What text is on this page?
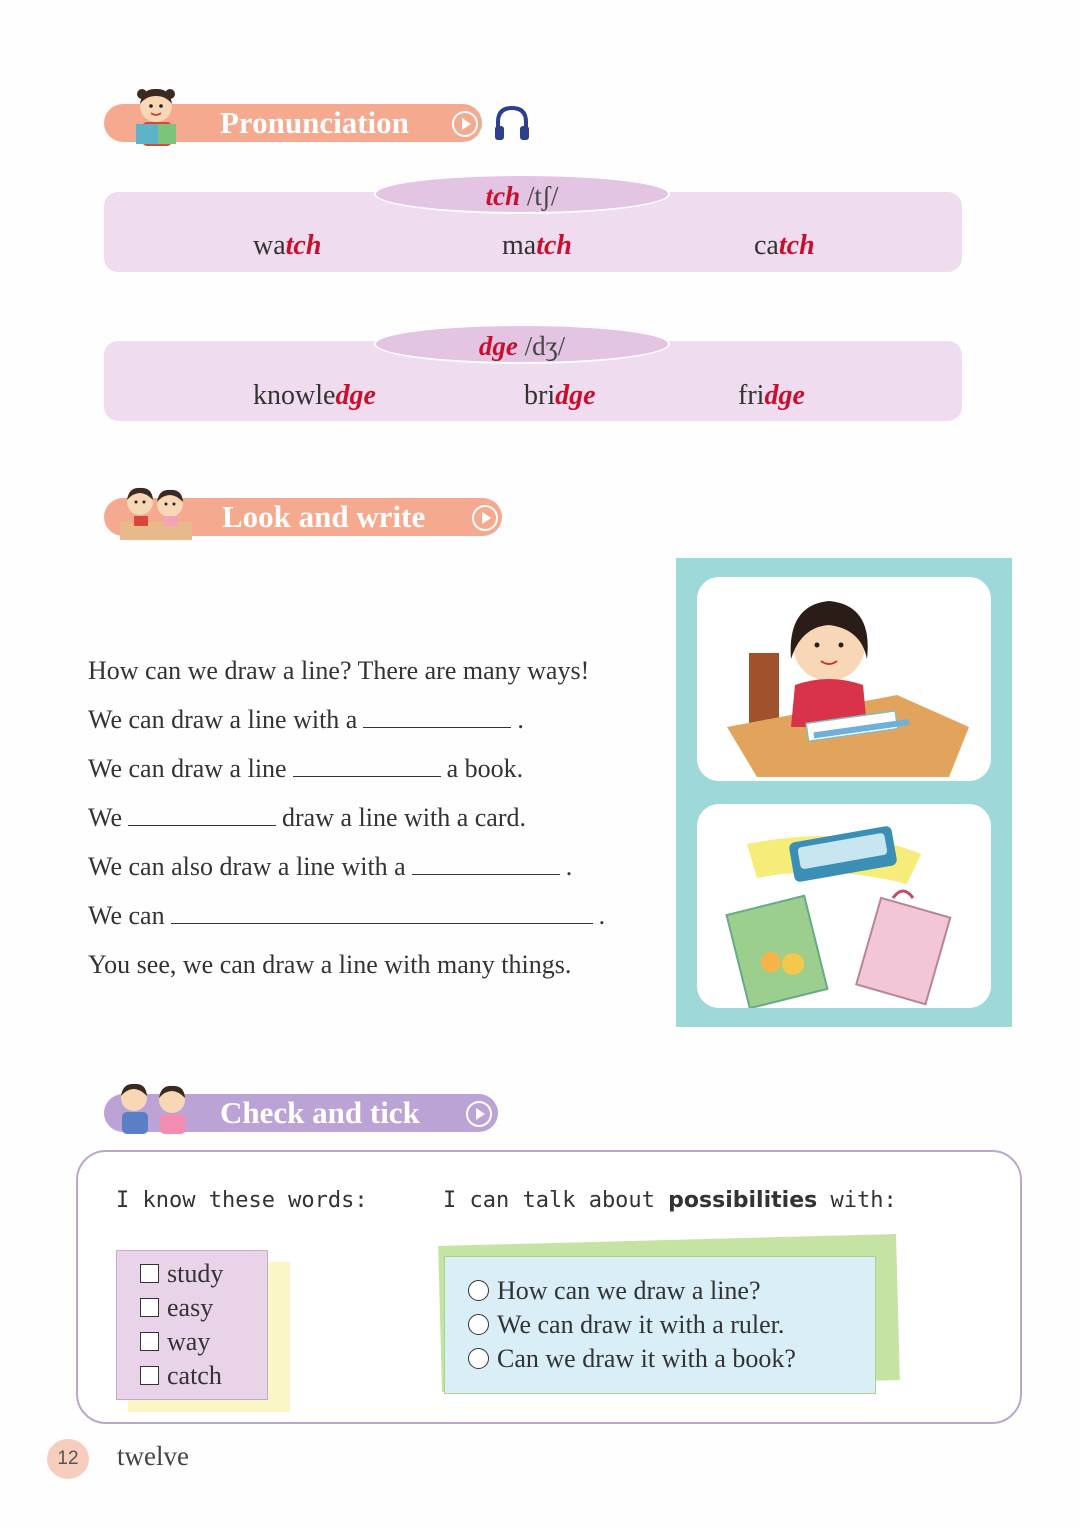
Pronunciation
tch /tʃ/
watch	match	catch
dge /dʒ/
knowledge	bridge	fridge
Look and write
How can we draw a line? There are many ways!
We can draw a line with a	.
We can draw a line	a book.
We	draw a line with a card.
We can also draw a line with a	.
We can	.
You see, we can draw a line with many things.
Check and tick
I know these words:	I can talk about possibilities with:
study
easy
way
catch
How can we draw a line?
We can draw it with a ruler.
Can we draw it with a book?
12	twelve
